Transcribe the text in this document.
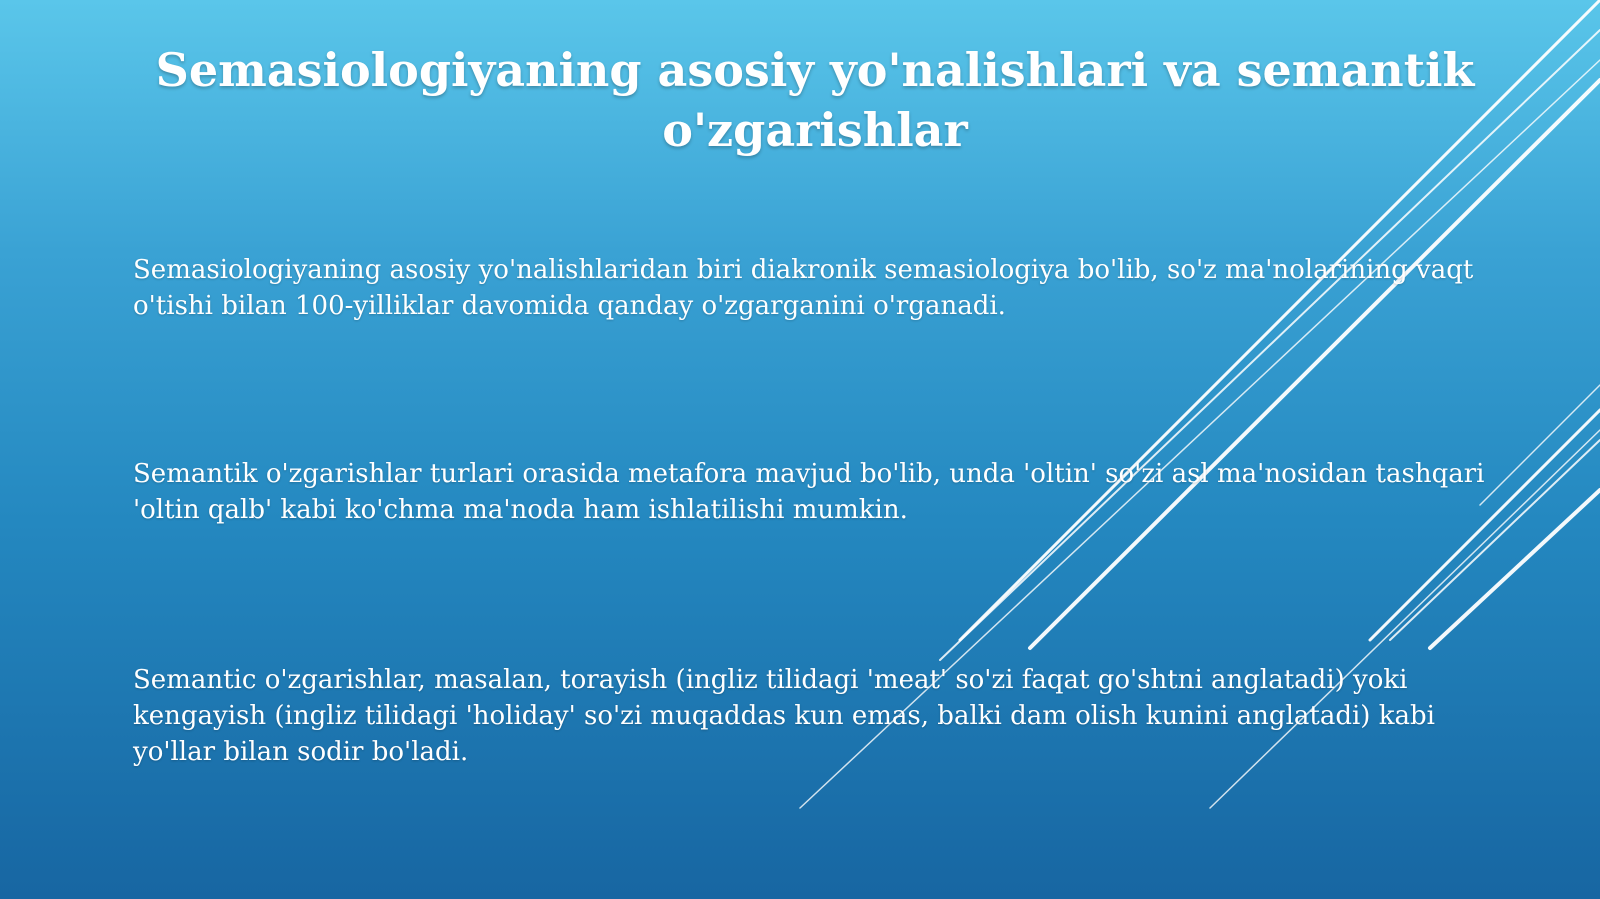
Semasiologiyaning asosiy yo'nalishlari va semantik o'zgarishlar

Semasiologiyaning asosiy yo'nalishlaridan biri diakronik semasiologiya bo'lib, so'z ma'nolarining vaqt o'tishi bilan 100-yilliklar davomida qanday o'zgarganini o'rganadi.

Semantik o'zgarishlar turlari orasida metafora mavjud bo'lib, unda 'oltin' so'zi asl ma'nosidan tashqari 'oltin qalb' kabi ko'chma ma'noda ham ishlatilishi mumkin.

Semantic o'zgarishlar, masalan, torayish (ingliz tilidagi 'meat' so'zi faqat go'shtni anglatadi) yoki kengayish (ingliz tilidagi 'holiday' so'zi muqaddas kun emas, balki dam olish kunini anglatadi) kabi yo'llar bilan sodir bo'ladi.
